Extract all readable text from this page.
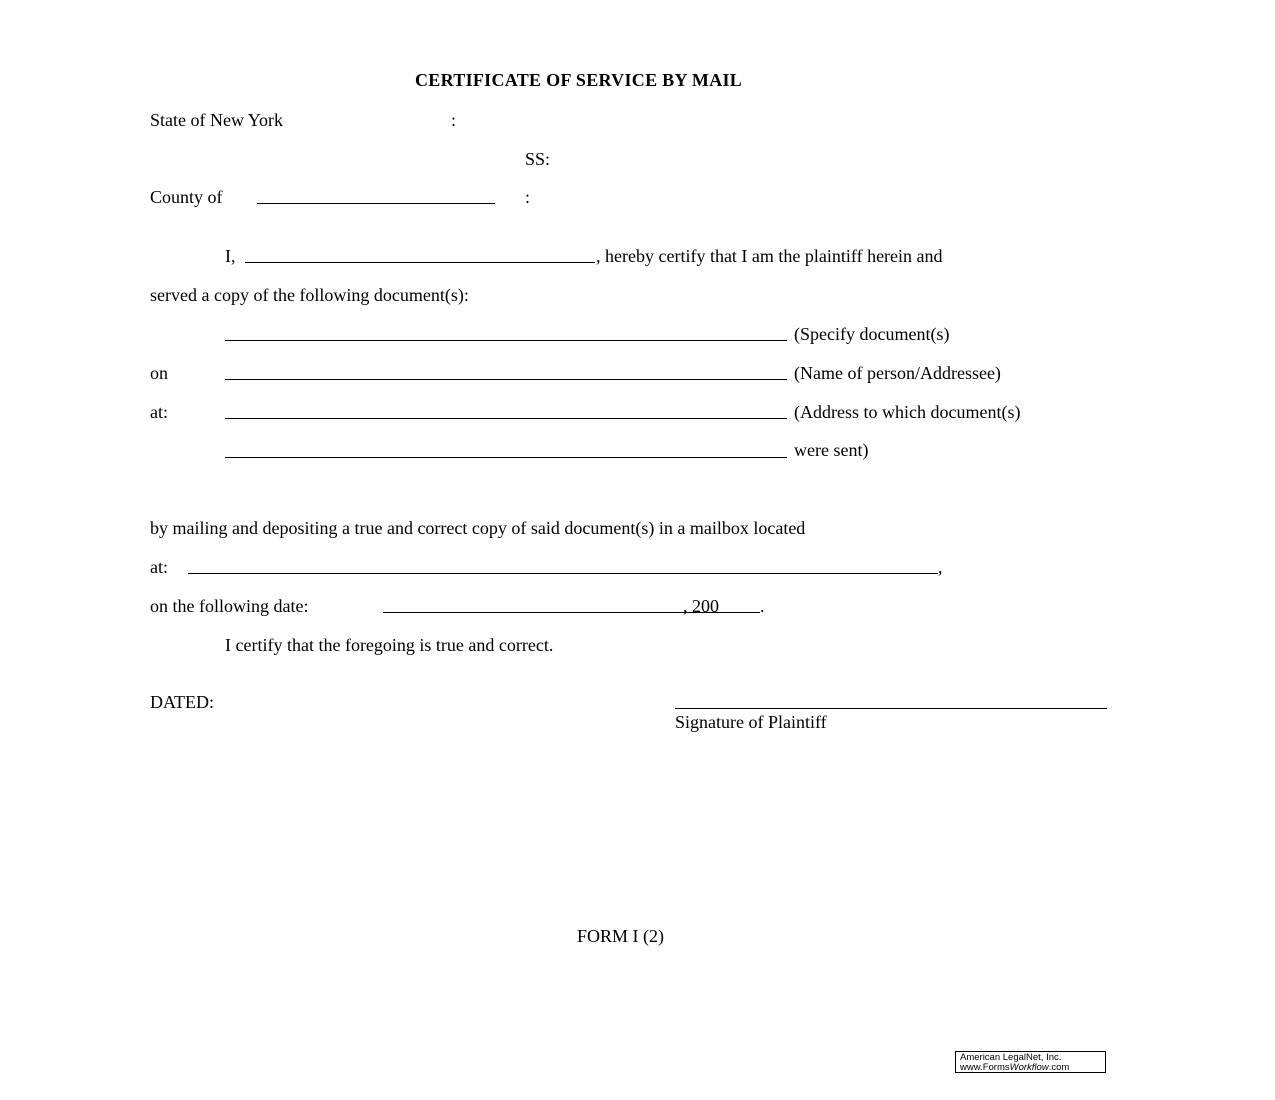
CERTIFICATE OF SERVICE BY MAIL
State of New York	:
SS:
County of	:
I,	, hereby certify that I am the plaintiff herein and
served a copy of the following document(s):
(Specify document(s)
on	(Name of person/Addressee)
at:	(Address to which document(s)
were sent)
by mailing and depositing a true and correct copy of said document(s) in a mailbox located
at:	,
on the following date:	, 200 .
I certify that the foregoing is true and correct.
DATED:
Signature of Plaintiff
FORM I (2)
American LegalNet, Inc.
www.FormsWorkflow.com
